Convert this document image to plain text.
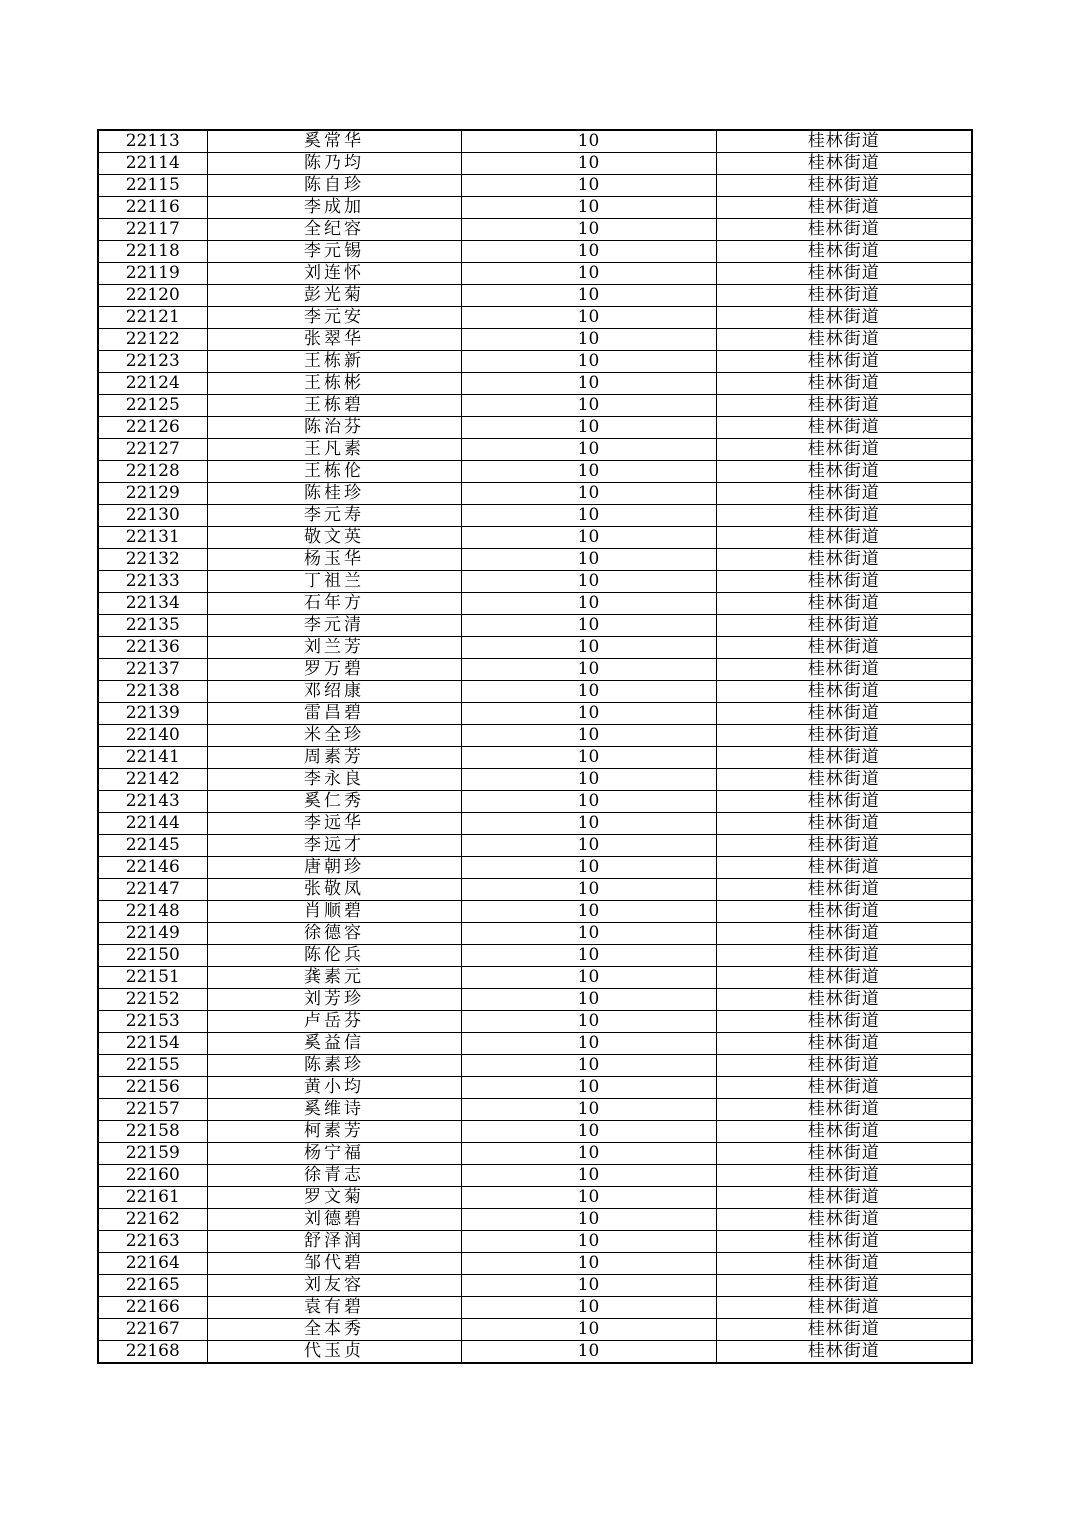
22113	奚常华	10	桂林街道
22114	陈乃均	10	桂林街道
22115	陈自珍	10	桂林街道
22116	李成加	10	桂林街道
22117	全纪容	10	桂林街道
22118	李元锡	10	桂林街道
22119	刘连怀	10	桂林街道
22120	彭光菊	10	桂林街道
22121	李元安	10	桂林街道
22122	张翠华	10	桂林街道
22123	王栋新	10	桂林街道
22124	王栋彬	10	桂林街道
22125	王栋碧	10	桂林街道
22126	陈治芬	10	桂林街道
22127	王凡素	10	桂林街道
22128	王栋伦	10	桂林街道
22129	陈桂珍	10	桂林街道
22130	李元寿	10	桂林街道
22131	敬文英	10	桂林街道
22132	杨玉华	10	桂林街道
22133	丁祖兰	10	桂林街道
22134	石年方	10	桂林街道
22135	李元清	10	桂林街道
22136	刘兰芳	10	桂林街道
22137	罗万碧	10	桂林街道
22138	邓绍康	10	桂林街道
22139	雷昌碧	10	桂林街道
22140	米全珍	10	桂林街道
22141	周素芳	10	桂林街道
22142	李永良	10	桂林街道
22143	奚仁秀	10	桂林街道
22144	李远华	10	桂林街道
22145	李远才	10	桂林街道
22146	唐朝珍	10	桂林街道
22147	张敬凤	10	桂林街道
22148	肖顺碧	10	桂林街道
22149	徐德容	10	桂林街道
22150	陈伦兵	10	桂林街道
22151	龚素元	10	桂林街道
22152	刘芳珍	10	桂林街道
22153	卢岳芬	10	桂林街道
22154	奚益信	10	桂林街道
22155	陈素珍	10	桂林街道
22156	黄小均	10	桂林街道
22157	奚维诗	10	桂林街道
22158	柯素芳	10	桂林街道
22159	杨宁福	10	桂林街道
22160	徐青志	10	桂林街道
22161	罗文菊	10	桂林街道
22162	刘德碧	10	桂林街道
22163	舒泽润	10	桂林街道
22164	邹代碧	10	桂林街道
22165	刘友容	10	桂林街道
22166	袁有碧	10	桂林街道
22167	全本秀	10	桂林街道
22168	代玉贞	10	桂林街道
